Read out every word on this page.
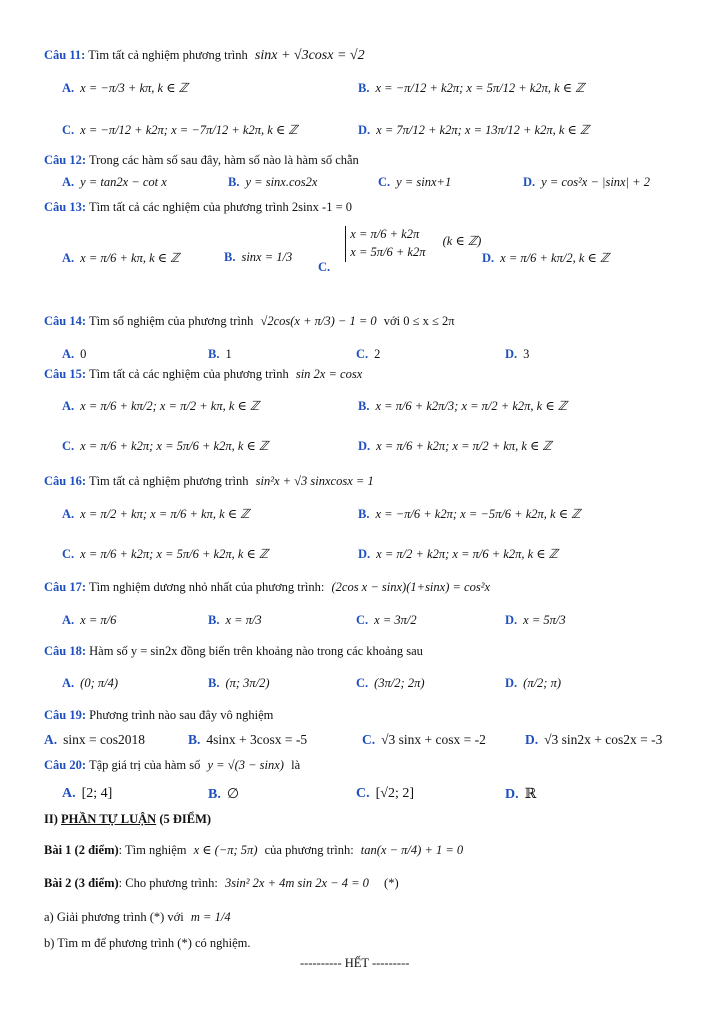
Câu 11: Tìm tất cả nghiệm phương trình sinx + √3cosx = √2
A. x = −π/3 + kπ, k ∈ ℤ	B. x = −π/12 + k2π; x = 5π/12 + k2π, k ∈ ℤ
C. x = −π/12 + k2π; x = −7π/12 + k2π, k ∈ ℤ	D. x = 7π/12 + k2π; x = 13π/12 + k2π, k ∈ ℤ
Câu 12: Trong các hàm số sau đây, hàm số nào là hàm số chẵn
A. y = tan2x − cot x	B. y = sinx.cos2x	C. y = sinx+1	D. y = cos²x − |sinx| + 2
Câu 13: Tìm tất cả các nghiệm của phương trình 2sinx -1 = 0
A. x = π/6 + kπ, k ∈ ℤ	B. sinx = 1/3
C.
x = π/6 + k2π
x = 5π/6 + k2π
(k ∈ ℤ)
D. x = π/6 + kπ/2, k ∈ ℤ
Câu 14: Tìm số nghiệm của phương trình √2cos(x + π/3) − 1 = 0 với 0 ≤ x ≤ 2π
A. 0	B. 1	C. 2	D. 3
Câu 15: Tìm tất cả các nghiệm của phương trình sin 2x = cosx
A. x = π/6 + kπ/2; x = π/2 + kπ, k ∈ ℤ	B. x = π/6 + k2π/3; x = π/2 + k2π, k ∈ ℤ
C. x = π/6 + k2π; x = 5π/6 + k2π, k ∈ ℤ	D. x = π/6 + k2π; x = π/2 + kπ, k ∈ ℤ
Câu 16: Tìm tất cả nghiệm phương trình sin²x + √3 sinxcosx = 1
A. x = π/2 + kπ; x = π/6 + kπ, k ∈ ℤ	B. x = −π/6 + k2π; x = −5π/6 + k2π, k ∈ ℤ
C. x = π/6 + k2π; x = 5π/6 + k2π, k ∈ ℤ	D. x = π/2 + k2π; x = π/6 + k2π, k ∈ ℤ
Câu 17: Tìm nghiệm dương nhỏ nhất của phương trình: (2cos x − sinx)(1+sinx) = cos²x
A. x = π/6	B. x = π/3	C. x = 3π/2	D. x = 5π/3
Câu 18: Hàm số y = sin2x đồng biến trên khoảng nào trong các khoảng sau
A. (0; π/4)	B. (π; 3π/2)	C. (3π/2; 2π)	D. (π/2; π)
Câu 19: Phương trình nào sau đây vô nghiệm
A. sinx = cos2018	B. 4sinx + 3cosx = -5	C. √3 sinx + cosx = -2	D. √3 sin2x + cos2x = -3
Câu 20: Tập giá trị của hàm số y = √(3 − sinx) là
A. [2; 4]	B. ∅	C. [√2; 2]	D. ℝ
II) PHẦN TỰ LUẬN (5 ĐIỂM)
Bài 1 (2 điểm): Tìm nghiệm x ∈ (−π; 5π) của phương trình: tan(x − π/4) + 1 = 0
Bài 2 (3 điểm): Cho phương trình: 3sin² 2x + 4m sin 2x − 4 = 0 (*)
a) Giải phương trình (*) với m = 1/4
b) Tìm m để phương trình (*) có nghiệm.
---------- HẾT ---------
